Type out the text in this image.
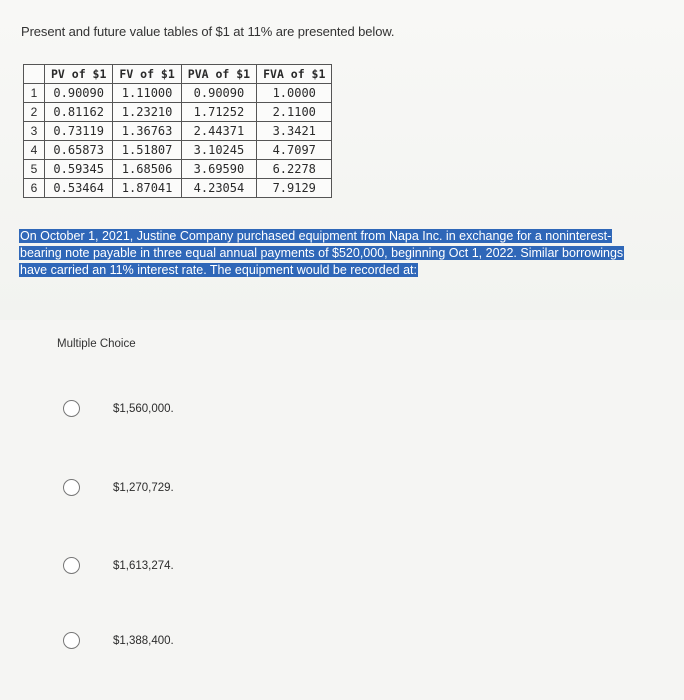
Present and future value tables of $1 at 11% are presented below.
	PV of $1	FV of $1	PVA of $1	FVA of $1
1	0.90090	1.11000	0.90090	1.0000
2	0.81162	1.23210	1.71252	2.1100
3	0.73119	1.36763	2.44371	3.3421
4	0.65873	1.51807	3.10245	4.7097
5	0.59345	1.68506	3.69590	6.2278
6	0.53464	1.87041	4.23054	7.9129
On October 1, 2021, Justine Company purchased equipment from Napa Inc. in exchange for a noninterest-
bearing note payable in three equal annual payments of $520,000, beginning Oct 1, 2022. Similar borrowings
have carried an 11% interest rate. The equipment would be recorded at:
Multiple Choice
$1,560,000.
$1,270,729.
$1,613,274.
$1,388,400.
